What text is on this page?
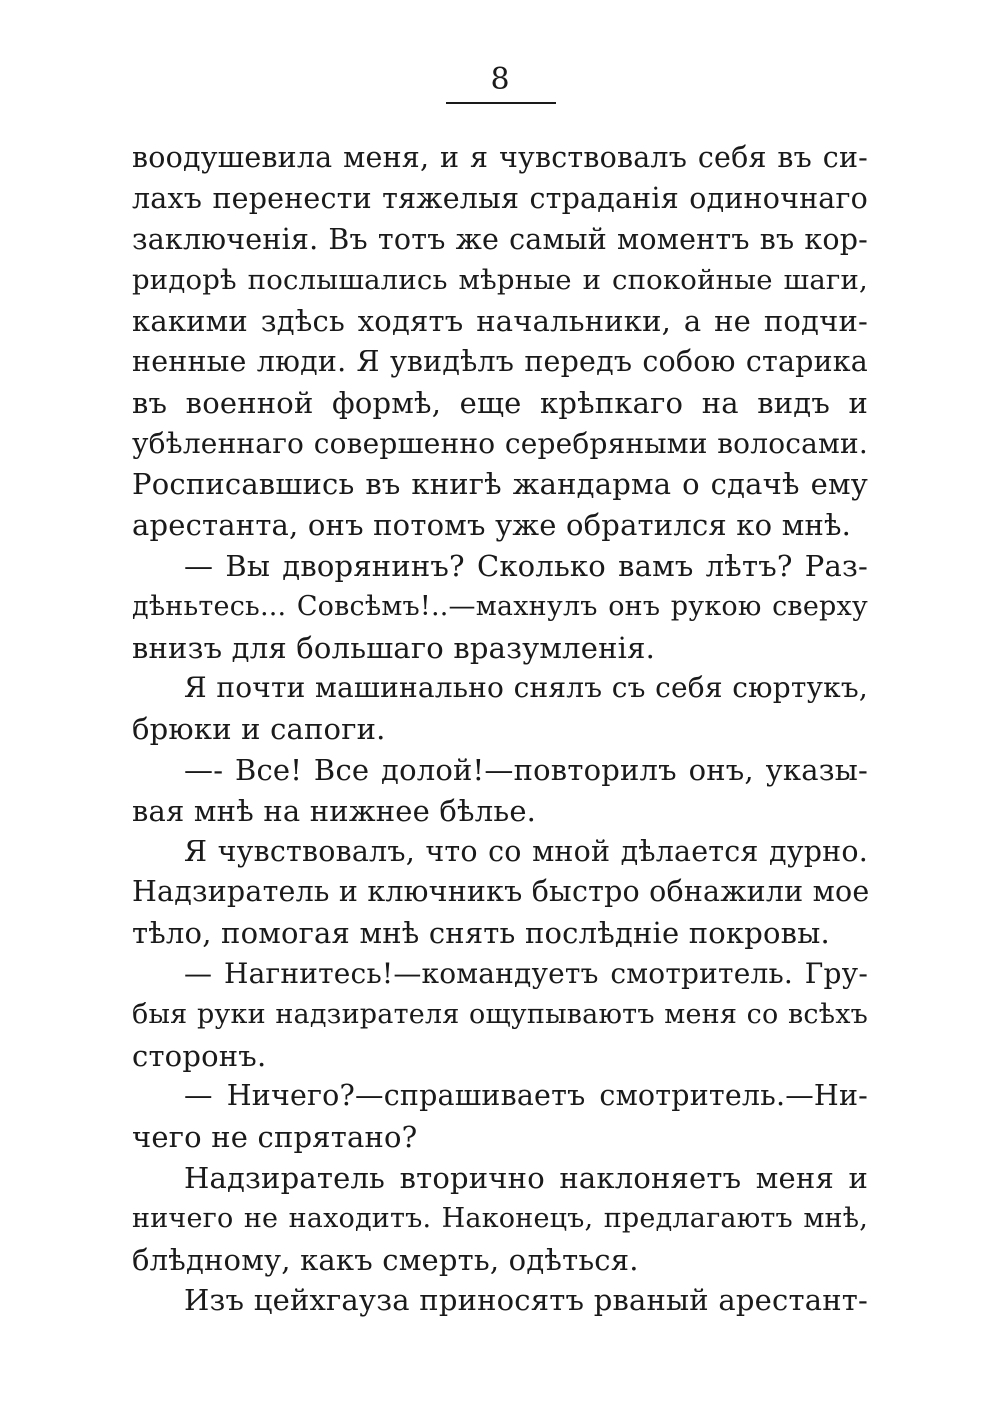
8
воодушевила меня, и я чувствовалъ себя въ си-
лахъ перенести тяжелыя страданія одиночнаго
заключенія. Въ тотъ же самый моментъ въ кор-
ридорѣ послышались мѣрные и спокойные шаги,
какими здѣсь ходятъ начальники, а не подчи-
ненные люди. Я увидѣлъ передъ собою старика
въ военной формѣ, еще крѣпкаго на видъ и
убѣленнаго совершенно серебряными волосами.
Росписавшись въ книгѣ жандарма о сдачѣ ему
арестанта, онъ потомъ уже обратился ко мнѣ.
— Вы дворянинъ? Сколько вамъ лѣтъ? Раз-
дѣньтесь... Совсѣмъ!..—махнулъ онъ рукою сверху
внизъ для большаго вразумленія.
Я почти машинально снялъ съ себя сюртукъ,
брюки и сапоги.
—- Все! Все долой!—повторилъ онъ, указы-
вая мнѣ на нижнее бѣлье.
Я чувствовалъ, что со мной дѣлается дурно.
Надзиратель и ключникъ быстро обнажили мое
тѣло, помогая мнѣ снять послѣдніе покровы.
— Нагнитесь!—командуетъ смотритель. Гру-
быя руки надзирателя ощупываютъ меня со всѣхъ
сторонъ.
— Ничего?—спрашиваетъ смотритель.—Ни-
чего не спрятано?
Надзиратель вторично наклоняетъ меня и
ничего не находитъ. Наконецъ, предлагаютъ мнѣ,
блѣдному, какъ смерть, одѣться.
Изъ цейхгауза приносятъ рваный арестант-
